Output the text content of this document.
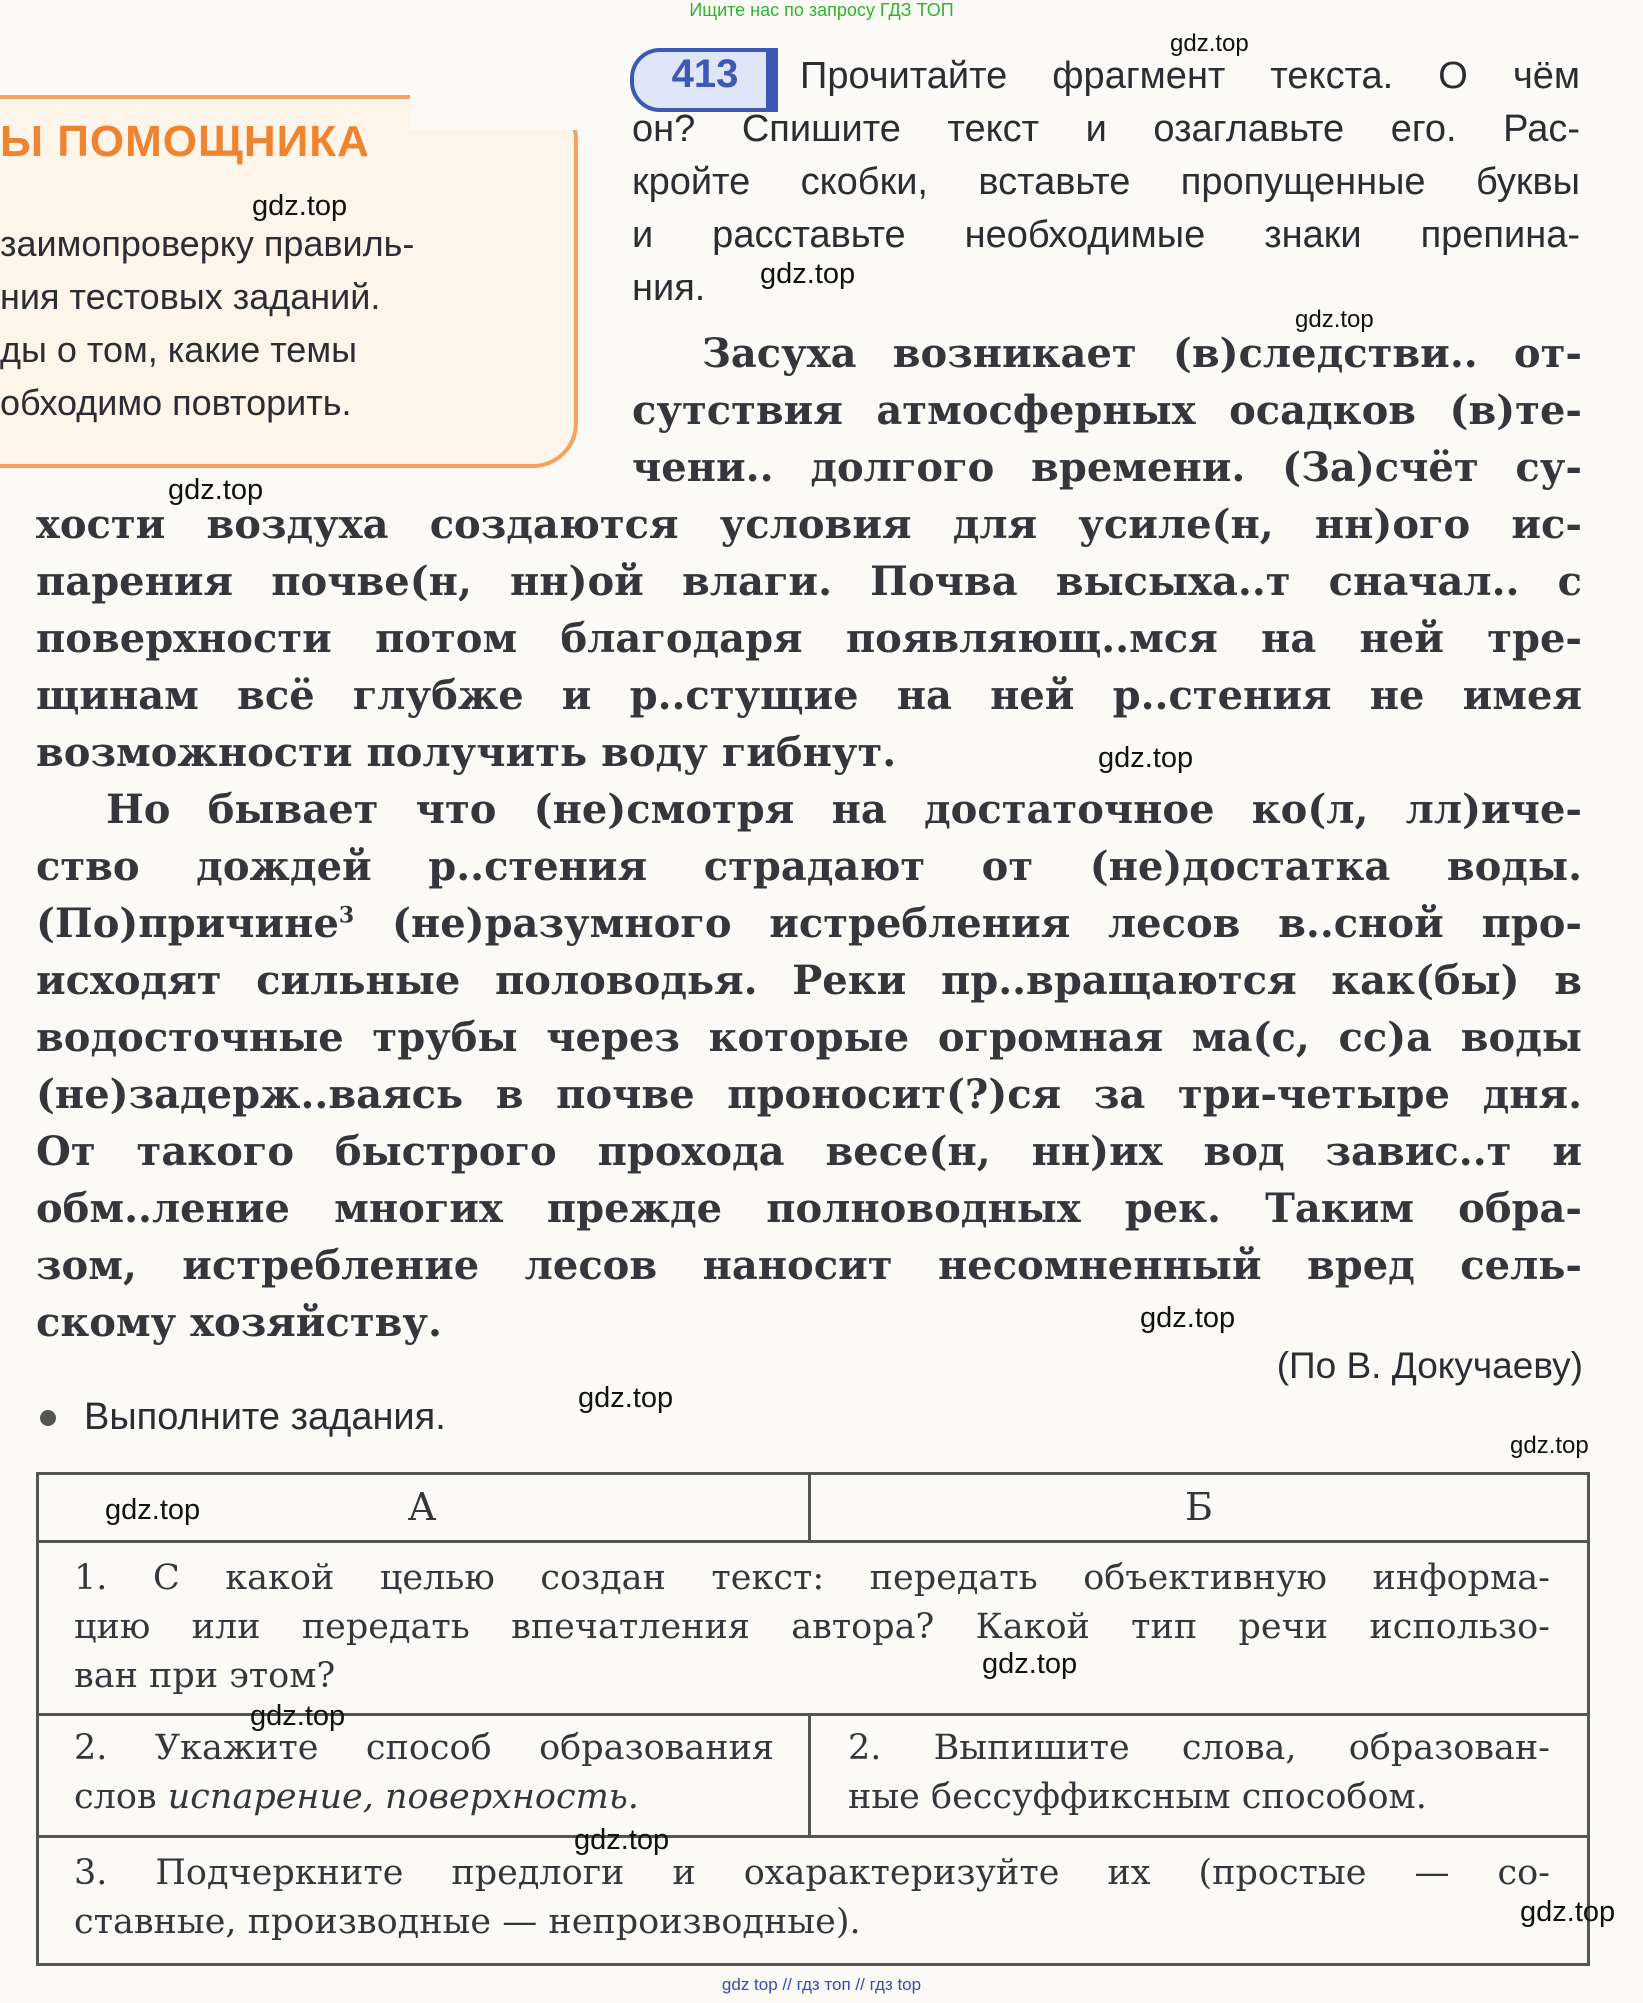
Ищите нас по запросу ГДЗ ТОП
Ы ПОМОЩНИКА
заимопроверку правиль-
ния тестовых заданий.
ды о том, какие темы
обходимо повторить.
413	Прочитайте фрагмент текста. О чём
он? Спишите текст и озаглавьте его. Рас-
кройте скобки, вставьте пропущенные буквы
и расставьте необходимые знаки препина-
ния.
Засуха возникает (в)следстви.. от-
сутствия атмосферных осадков (в)те-
чени.. долгого времени. (За)счёт су-
хости воздуха создаются условия для усиле(н, нн)ого ис-
парения почве(н, нн)ой влаги. Почва высыха..т сначал.. с
поверхности потом благодаря появляющ..мся на ней тре-
щинам всё глубже и р..стущие на ней р..стения не имея
возможности получить воду гибнут.
Но бывает что (не)смотря на достаточное ко(л, лл)иче-
ство дождей р..стения страдают от (не)достатка воды.
(По)причине$^3$ (не)разумного истребления лесов в..сной про-
исходят сильные половодья. Реки пр..вращаются как(бы) в
водосточные трубы через которые огромная ма(с, сс)а воды
(не)задерж..ваясь в почве проносит(?)ся за три-четыре дня.
От такого быстрого прохода весе(н, нн)их вод завис..т и
обм..ление многих прежде полноводных рек. Таким обра-
зом, истребление лесов наносит несомненный вред сель-
скому хозяйству.
(По В. Докучаеву)
Выполните задания.
А	Б
1. С какой целью создан текст: передать объективную информа-
цию или передать впечатления автора? Какой тип речи использо-
ван при этом?
2. Укажите способ образования
слов испарение, поверхность.
2. Выпишите слова, образован-
ные бессуффиксным способом.
3. Подчеркните предлоги и охарактеризуйте их (простые — со-
ставные, производные — непроизводные).
gdz.top
gdz.top
gdz.top
gdz.top
gdz.top
gdz.top
gdz.top
gdz.top
gdz.top
gdz.top
gdz.top
gdz.top
gdz.top
gdz.top
gdz top // гдз топ // гдз top
